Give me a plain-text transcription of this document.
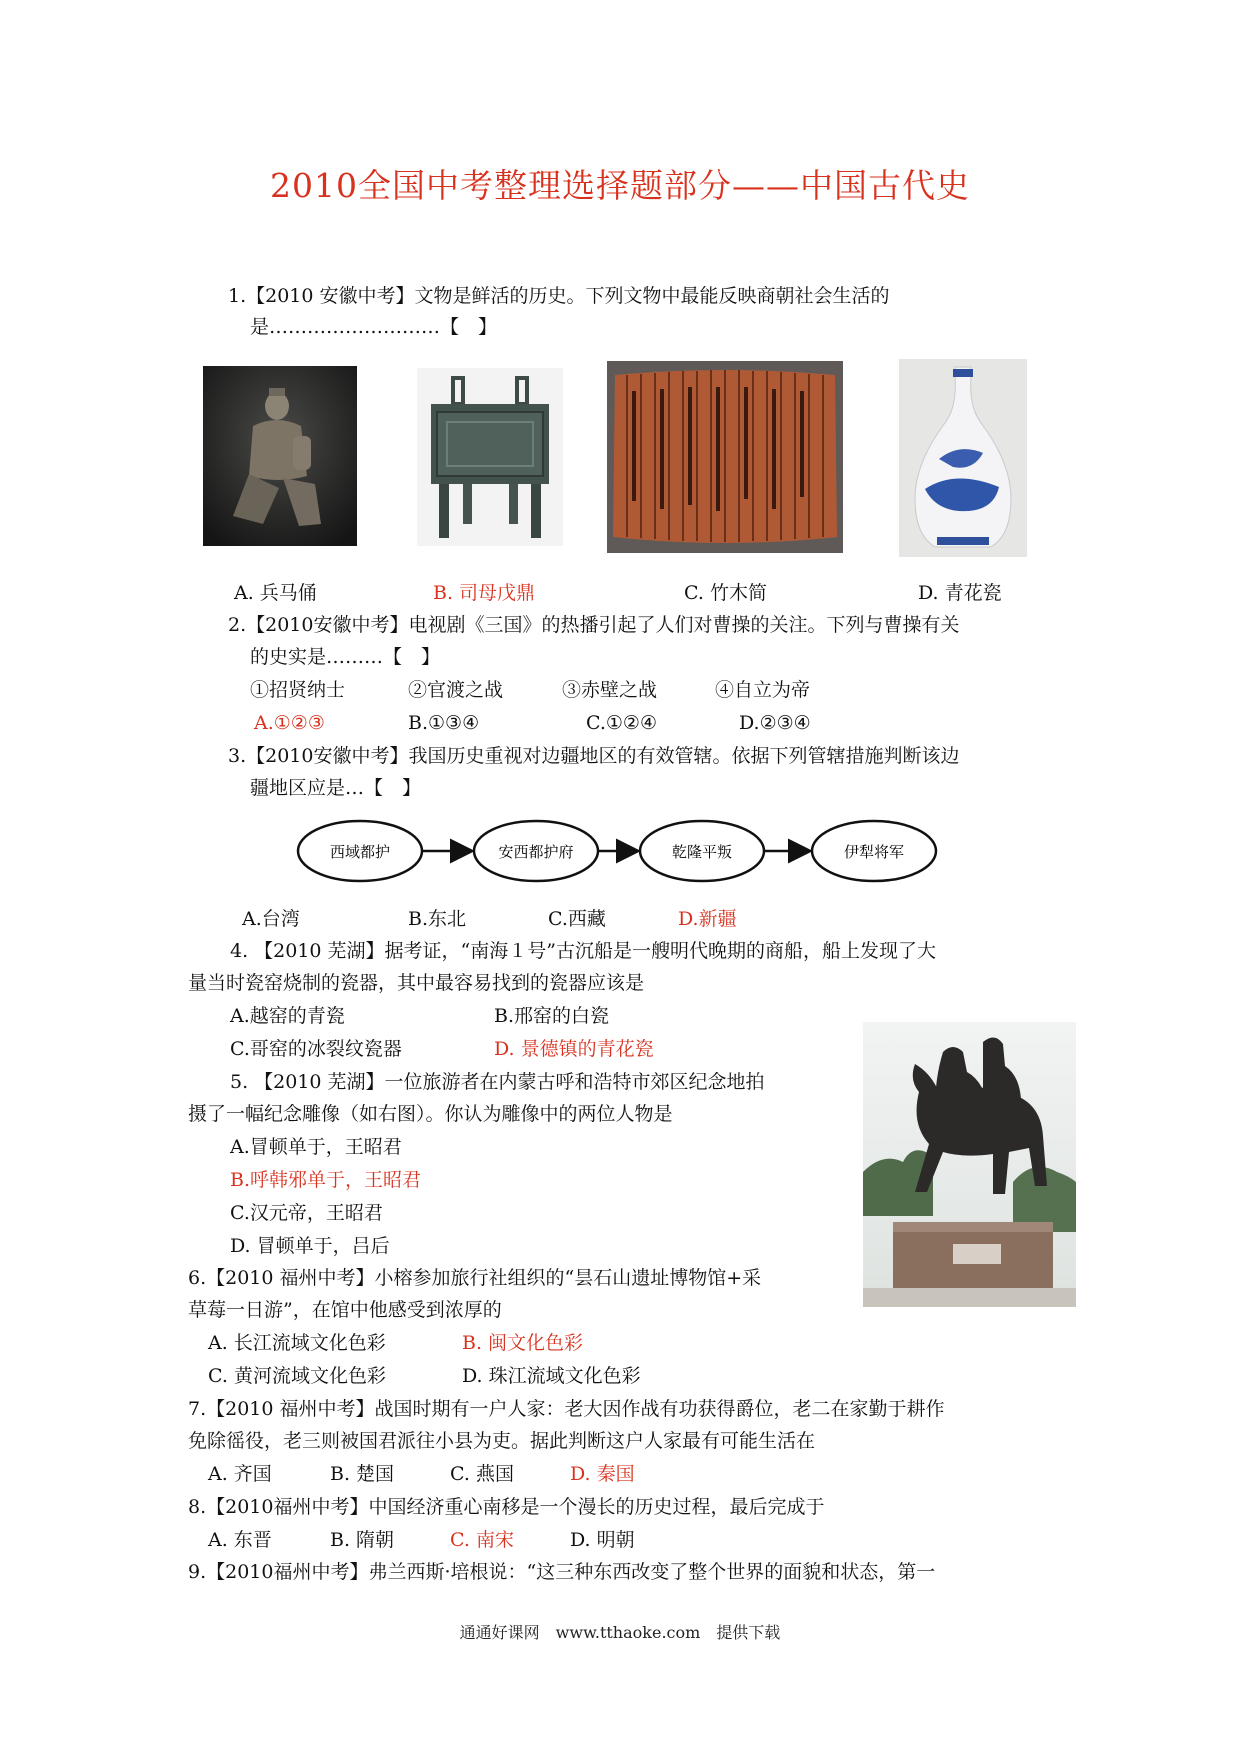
2010全国中考整理选择题部分——中国古代史
1.【2010 安徽中考】文物是鲜活的历史。下列文物中最能反映商朝社会生活的
是………………………【　】
A. 兵马俑	B. 司母戊鼎	C. 竹木简	D. 青花瓷
2.【2010安徽中考】电视剧《三国》的热播引起了人们对曹操的关注。下列与曹操有关
的史实是………【　】
①招贤纳士	②官渡之战	③赤壁之战	④自立为帝
A.①②③	B.①③④	C.①②④	D.②③④
3.【2010安徽中考】我国历史重视对边疆地区的有效管辖。依据下列管辖措施判断该边
疆地区应是…【　】
西域都护	安西都护府	乾隆平叛	伊犁将军
A.台湾	B.东北	C.西藏	D.新疆
4. 【2010 芜湖】据考证，“南海１号”古沉船是一艘明代晚期的商船，船上发现了大
量当时瓷窑烧制的瓷器，其中最容易找到的瓷器应该是
A.越窑的青瓷	B.邢窑的白瓷
C.哥窑的冰裂纹瓷器	D. 景德镇的青花瓷
5. 【2010 芜湖】一位旅游者在内蒙古呼和浩特市郊区纪念地拍
摄了一幅纪念雕像（如右图）。你认为雕像中的两位人物是
A.冒顿单于，王昭君
B.呼韩邪单于，王昭君
C.汉元帝，王昭君
D. 冒顿单于，吕后
6.【2010 福州中考】小榕参加旅行社组织的“昙石山遗址博物馆+采
草莓一日游”，在馆中他感受到浓厚的
A. 长江流域文化色彩	B. 闽文化色彩
C. 黄河流域文化色彩	D. 珠江流域文化色彩
7.【2010 福州中考】战国时期有一户人家：老大因作战有功获得爵位，老二在家勤于耕作
免除徭役，老三则被国君派往小县为吏。据此判断这户人家最有可能生活在
A. 齐国	B. 楚国	C. 燕国	D. 秦国
8.【2010福州中考】中国经济重心南移是一个漫长的历史过程，最后完成于
A. 东晋	B. 隋朝	C. 南宋	D. 明朝
9.【2010福州中考】弗兰西斯·培根说：“这三种东西改变了整个世界的面貌和状态，第一
通通好课网　www.tthaoke.com　提供下载
